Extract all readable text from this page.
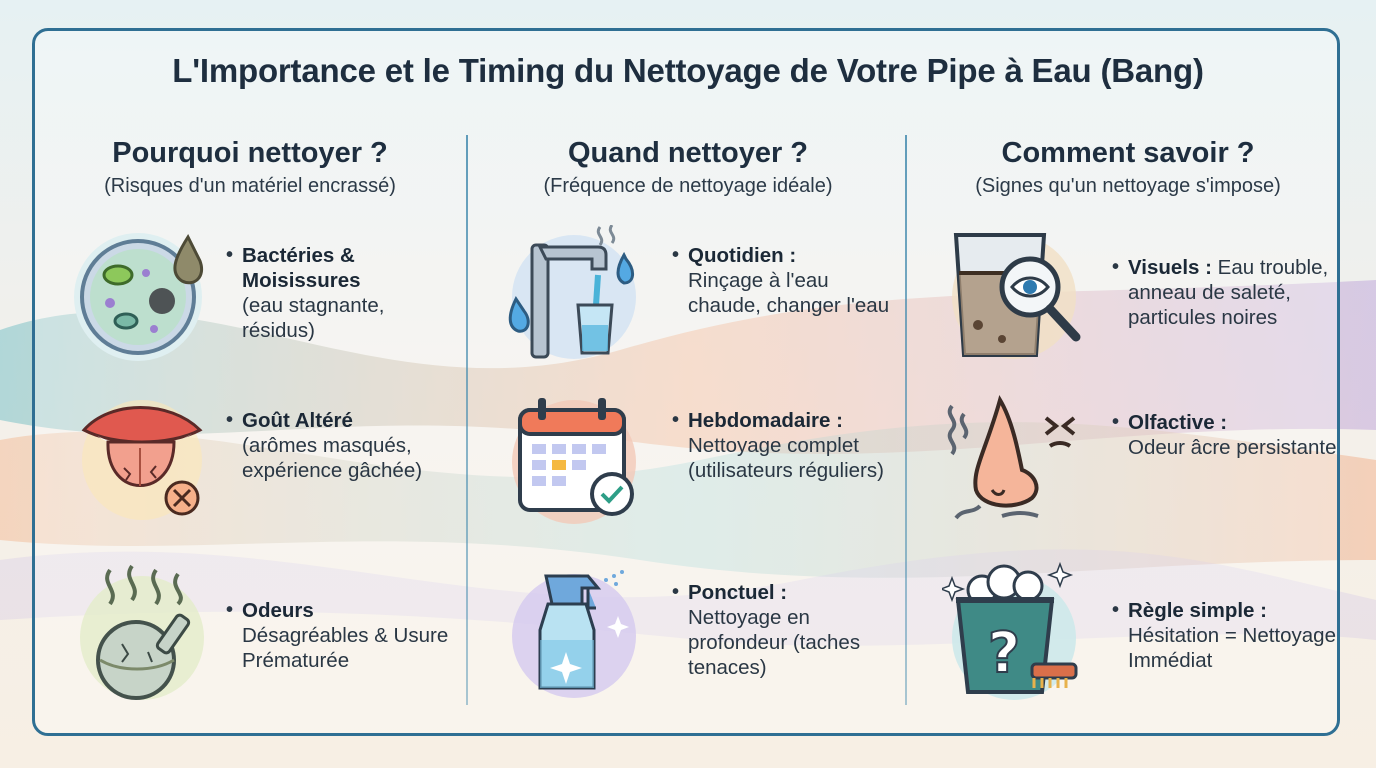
L'Importance et le Timing du Nettoyage de Votre Pipe à Eau (Bang)
Pourquoi nettoyer ?
(Risques d'un matériel encrassé)
• Bactéries & Moisissures
(eau stagnante, résidus)
• Goût Altéré
(arômes masqués, expérience gâchée)
• Odeurs
Désagréables & Usure Prématurée
Quand nettoyer ?
(Fréquence de nettoyage idéale)
• Quotidien :
Rinçage à l'eau chaude, changer l'eau
• Hebdomadaire :
Nettoyage complet (utilisateurs réguliers)
• Ponctuel :
Nettoyage en profondeur (taches tenaces)
Comment savoir ?
(Signes qu'un nettoyage s'impose)
• Visuels : Eau trouble, anneau de saleté, particules noires
• Olfactive :
Odeur âcre persistante
?
• Règle simple :
Hésitation = Nettoyage Immédiat
